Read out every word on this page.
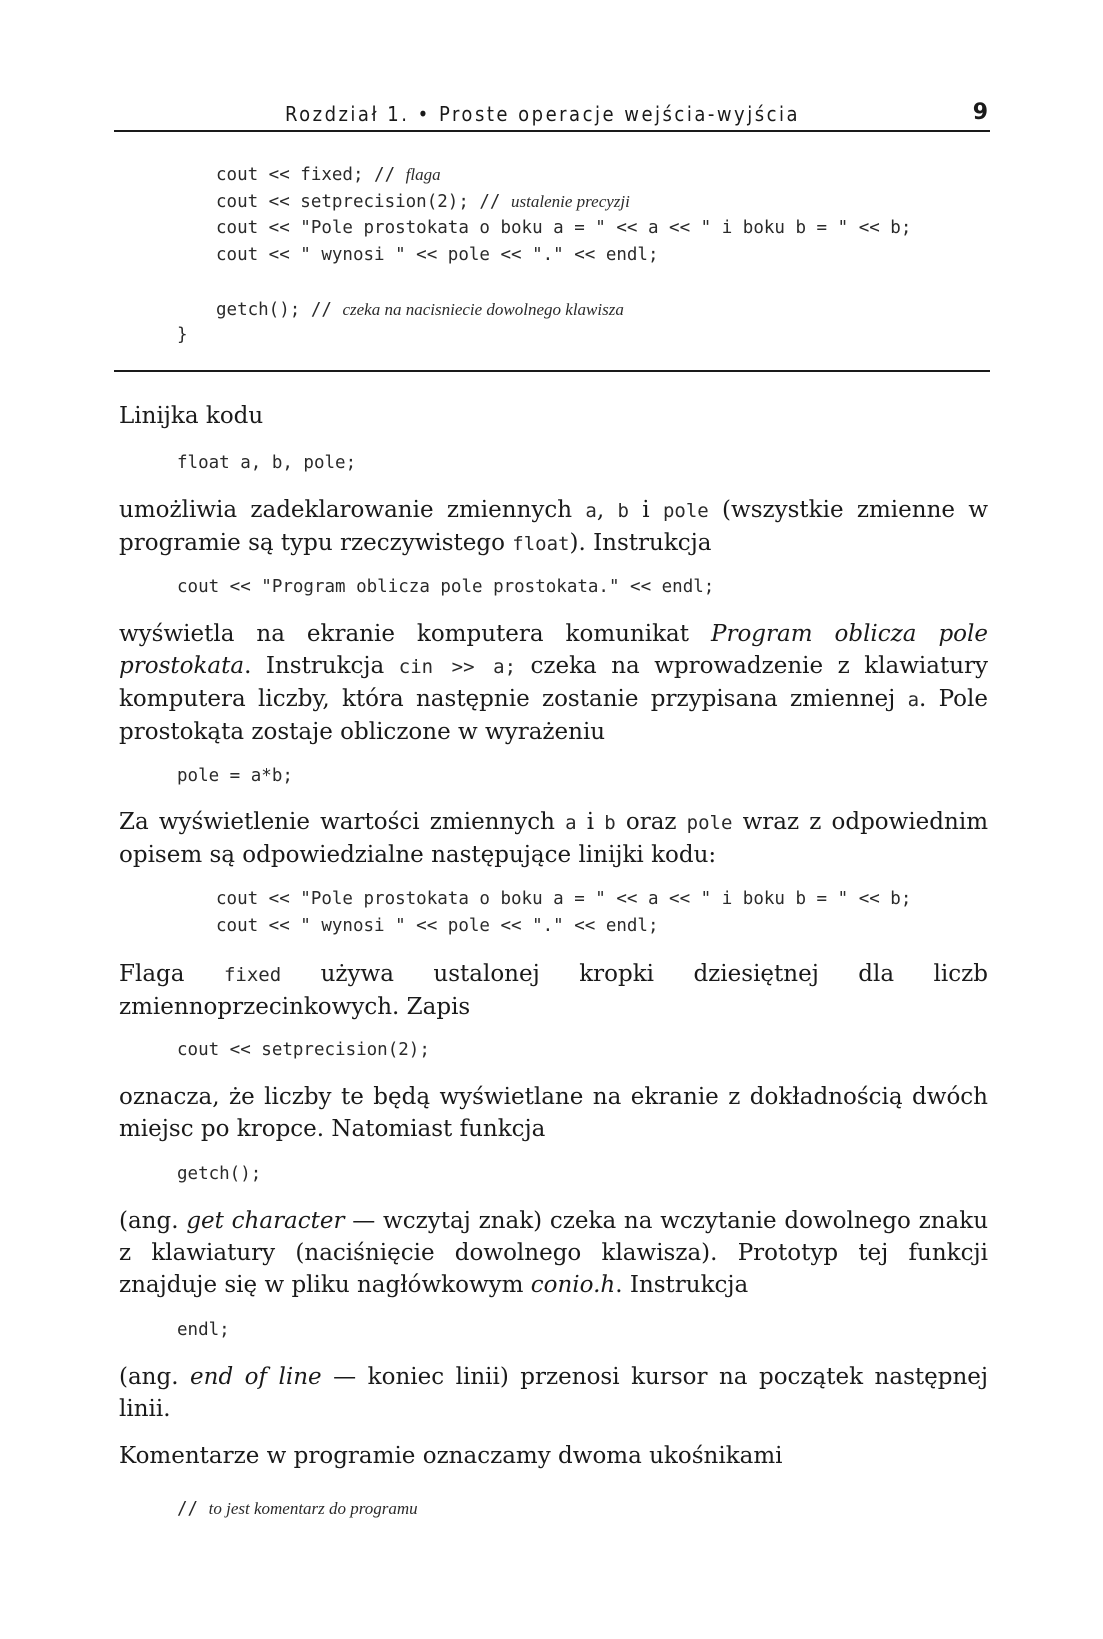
Rozdział 1. • Proste operacje wejścia-wyjścia	9
cout << fixed; // flaga
cout << setprecision(2); // ustalenie precyzji
cout << "Pole prostokata o boku a = " << a << " i boku b = " << b;
cout << " wynosi " << pole << "." << endl;
getch(); // czeka na nacisniecie dowolnego klawisza
}
Linijka kodu
float a, b, pole;
umożliwia zadeklarowanie zmiennych a, b i pole (wszystkie zmienne w programie są typu rzeczywistego float). Instrukcja
cout << "Program oblicza pole prostokata." << endl;
wyświetla na ekranie komputera komunikat Program oblicza pole prostokata. Instrukcja cin >> a; czeka na wprowadzenie z klawiatury komputera liczby, która następnie zostanie przypisana zmiennej a. Pole prostokąta zostaje obliczone w wyrażeniu
pole = a*b;
Za wyświetlenie wartości zmiennych a i b oraz pole wraz z odpowiednim opisem są odpowiedzialne następujące linijki kodu:
cout << "Pole prostokata o boku a = " << a << " i boku b = " << b;
cout << " wynosi " << pole << "." << endl;
Flaga fixed używa ustalonej kropki dziesiętnej dla liczb zmiennoprzecinkowych. Zapis
cout << setprecision(2);
oznacza, że liczby te będą wyświetlane na ekranie z dokładnością dwóch miejsc po kropce. Natomiast funkcja
getch();
(ang. get character — wczytaj znak) czeka na wczytanie dowolnego znaku z klawiatury (naciśnięcie dowolnego klawisza). Prototyp tej funkcji znajduje się w pliku nagłówkowym conio.h. Instrukcja
endl;
(ang. end of line — koniec linii) przenosi kursor na początek następnej linii.
Komentarze w programie oznaczamy dwoma ukośnikami
// to jest komentarz do programu
